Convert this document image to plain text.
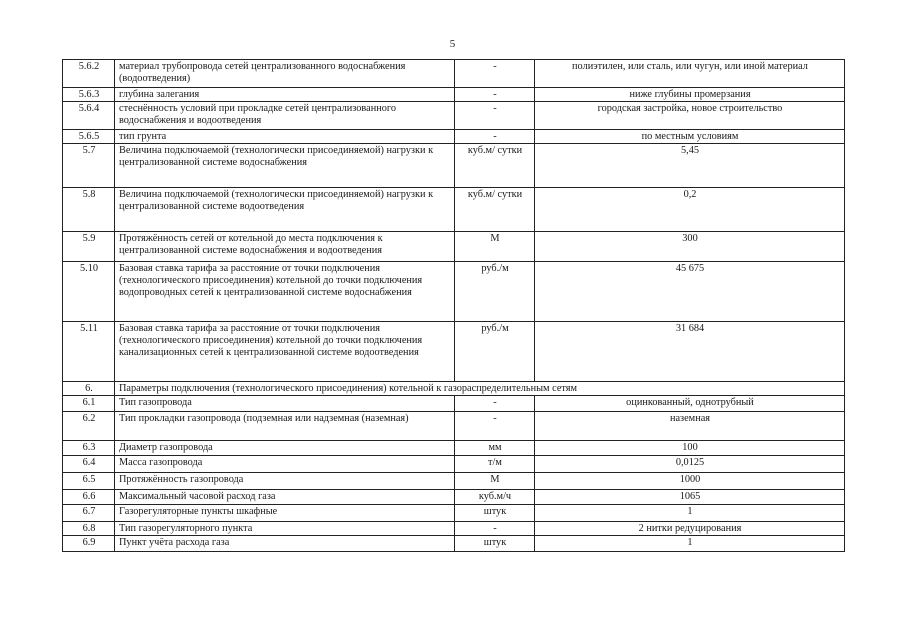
5
5.6.2	материал трубопровода сетей централизованного водоснабжения (водоотведения)	-	полиэтилен, или сталь, или чугун, или иной материал
5.6.3	глубина залегания	-	ниже глубины промерзания
5.6.4	стеснённость условий при прокладке сетей централизованного водоснабжения и водоотведения	-	городская застройка, новое строительство
5.6.5	тип грунта	-	по местным условиям
5.7	Величина подключаемой (технологически присоединяемой) нагрузки к централизованной системе водоснабжения	куб.м/ сутки	5,45
5.8	Величина подключаемой (технологически присоединяемой) нагрузки к централизованной системе водоотведения	куб.м/ сутки	0,2
5.9	Протяжённость сетей от котельной до места подключения к централизованной системе водоснабжения и водоотведения	М	300
5.10	Базовая ставка тарифа за расстояние от точки подключения (технологического присоединения) котельной до точки подключения водопроводных сетей к централизованной системе водоснабжения	руб./м	45 675
5.11	Базовая ставка тарифа за расстояние от точки подключения (технологического присоединения) котельной до точки подключения канализационных сетей к централизованной системе водоотведения	руб./м	31 684
6.	Параметры подключения (технологического присоединения) котельной к газораспределительным сетям		
6.1	Тип газопровода	-	оцинкованный, однотрубный
6.2	Тип прокладки газопровода (подземная или надземная (наземная)	-	наземная
6.3	Диаметр газопровода	мм	100
6.4	Масса газопровода	т/м	0,0125
6.5	Протяжённость газопровода	М	1000
6.6	Максимальный часовой расход газа	куб.м/ч	1065
6.7	Газорегуляторные пункты шкафные	штук	1
6.8	Тип газорегуляторного пункта	-	2 нитки редуцирования
6.9	Пункт учёта расхода газа	штук	1
